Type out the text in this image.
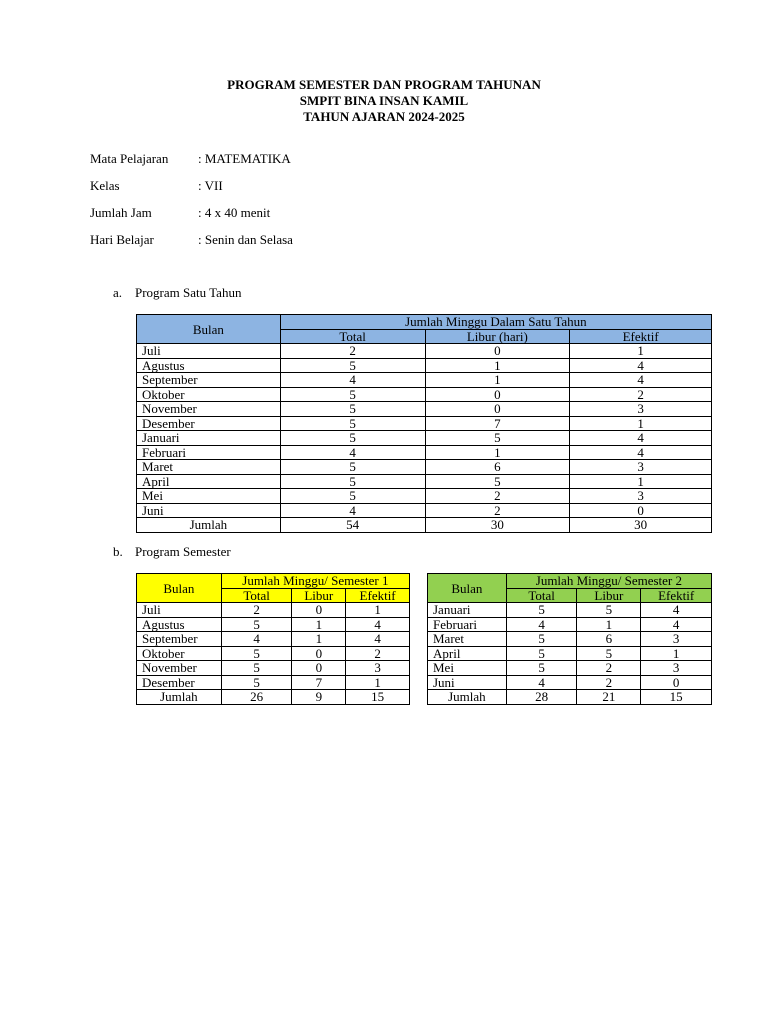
PROGRAM SEMESTER DAN PROGRAM TAHUNAN
SMPIT BINA INSAN KAMIL
TAHUN AJARAN 2024-2025
Mata Pelajaran : MATEMATIKA
Kelas	: VII
Jumlah Jam	: 4 x 40 menit
Hari Belajar	: Senin dan Selasa
a. Program Satu Tahun
Bulan	Jumlah Minggu Dalam Satu Tahun		
	Total	Libur (hari)	Efektif
Juli	2	0	1
Agustus	5	1	4
September	4	1	4
Oktober	5	0	2
November	5	0	3
Desember	5	7	1
Januari	5	5	4
Februari	4	1	4
Maret	5	6	3
April	5	5	1
Mei	5	2	3
Juni	4	2	0
Jumlah	54	30	30
b. Program Semester
Bulan	Jumlah Minggu/ Semester 1		
	Total	Libur	Efektif
Juli	2	0	1
Agustus	5	1	4
September	4	1	4
Oktober	5	0	2
November	5	0	3
Desember	5	7	1
Jumlah	26	9	15
Bulan	Jumlah Minggu/ Semester 2		
	Total	Libur	Efektif
Januari	5	5	4
Februari	4	1	4
Maret	5	6	3
April	5	5	1
Mei	5	2	3
Juni	4	2	0
Jumlah	28	21	15
